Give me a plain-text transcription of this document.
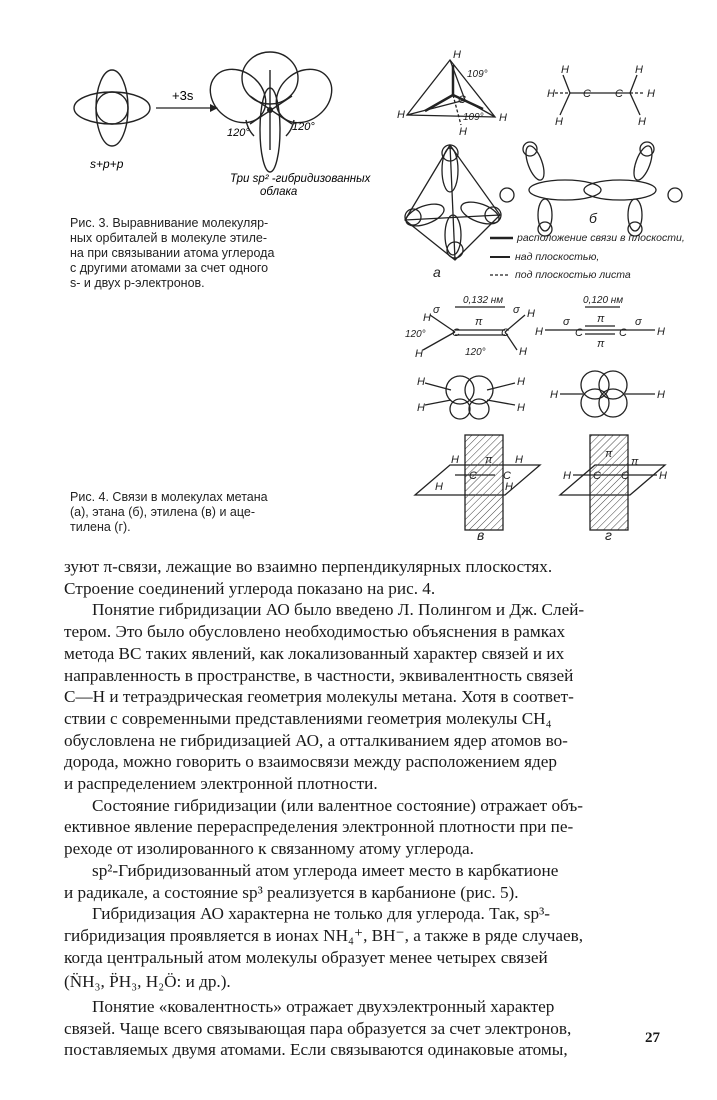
s+p+p
+3s
120°	120°
Три sp² -гибридизованных
облака
Рис. 3. Выравнивание молекуляр-
ных орбиталей в молекуле этиле-
на при связывании атома углерода
с другими атомами за счет одного
s- и двух p-электронов.
H
C
109°
109°
H	H
H
H	H
H	C C H
H	H
а
б
расположение связи в плоскости,
над плоскостью,
под плоскостью листа
0,132 нм	0,120 нм
σ
π
σ
120°
120°
H
H
C	C
H
H
H
σ
C
π
π
C
σ
H
H
H
H
H
H	H
H
H
C
π
C
H
H
H C
π
π
C	H
в	г
Рис. 4. Связи в молекулах метана
(а), этана (б), этилена (в) и аце-
тилена (г).
зуют π-связи, лежащие во взаимно перпендикулярных плоскостях.
Строение соединений углерода показано на рис. 4.
Понятие гибридизации АО было введено Л. Полингом и Дж. Слей-
тером. Это было обусловлено необходимостью объяснения в рамках
метода ВС таких явлений, как локализованный характер связей и их
направленность в пространстве, в частности, эквивалентность связей
С—Н и тетраэдрическая геометрия молекулы метана. Хотя в соответ-
ствии с современными представлениями геометрия молекулы CH₄
обусловлена не гибридизацией АО, а отталкиванием ядер атомов во-
дорода, можно говорить о взаимосвязи между расположением ядер
и распределением электронной плотности.
Состояние гибридизации (или валентное состояние) отражает объ-
ективное явление перераспределения электронной плотности при пе-
реходе от изолированного к связанному атому углерода.
sp²-Гибридизованный атом углерода имеет место в карбкатионе
и радикале, а состояние sp³ реализуется в карбанионе (рис. 5).
Гибридизация АО характерна не только для углерода. Так, sp³-
гибридизация проявляется в ионах NH₄⁺, BH⁻, а также в ряде случаев,
когда центральный атом молекулы образует менее четырех связей
(N̈H₃, P̈H₃, H₂Ö: и др.).
Понятие «ковалентность» отражает двухэлектронный характер
связей. Чаще всего связывающая пара образуется за счет электронов,
поставляемых двумя атомами. Если связываются одинаковые атомы,
27
